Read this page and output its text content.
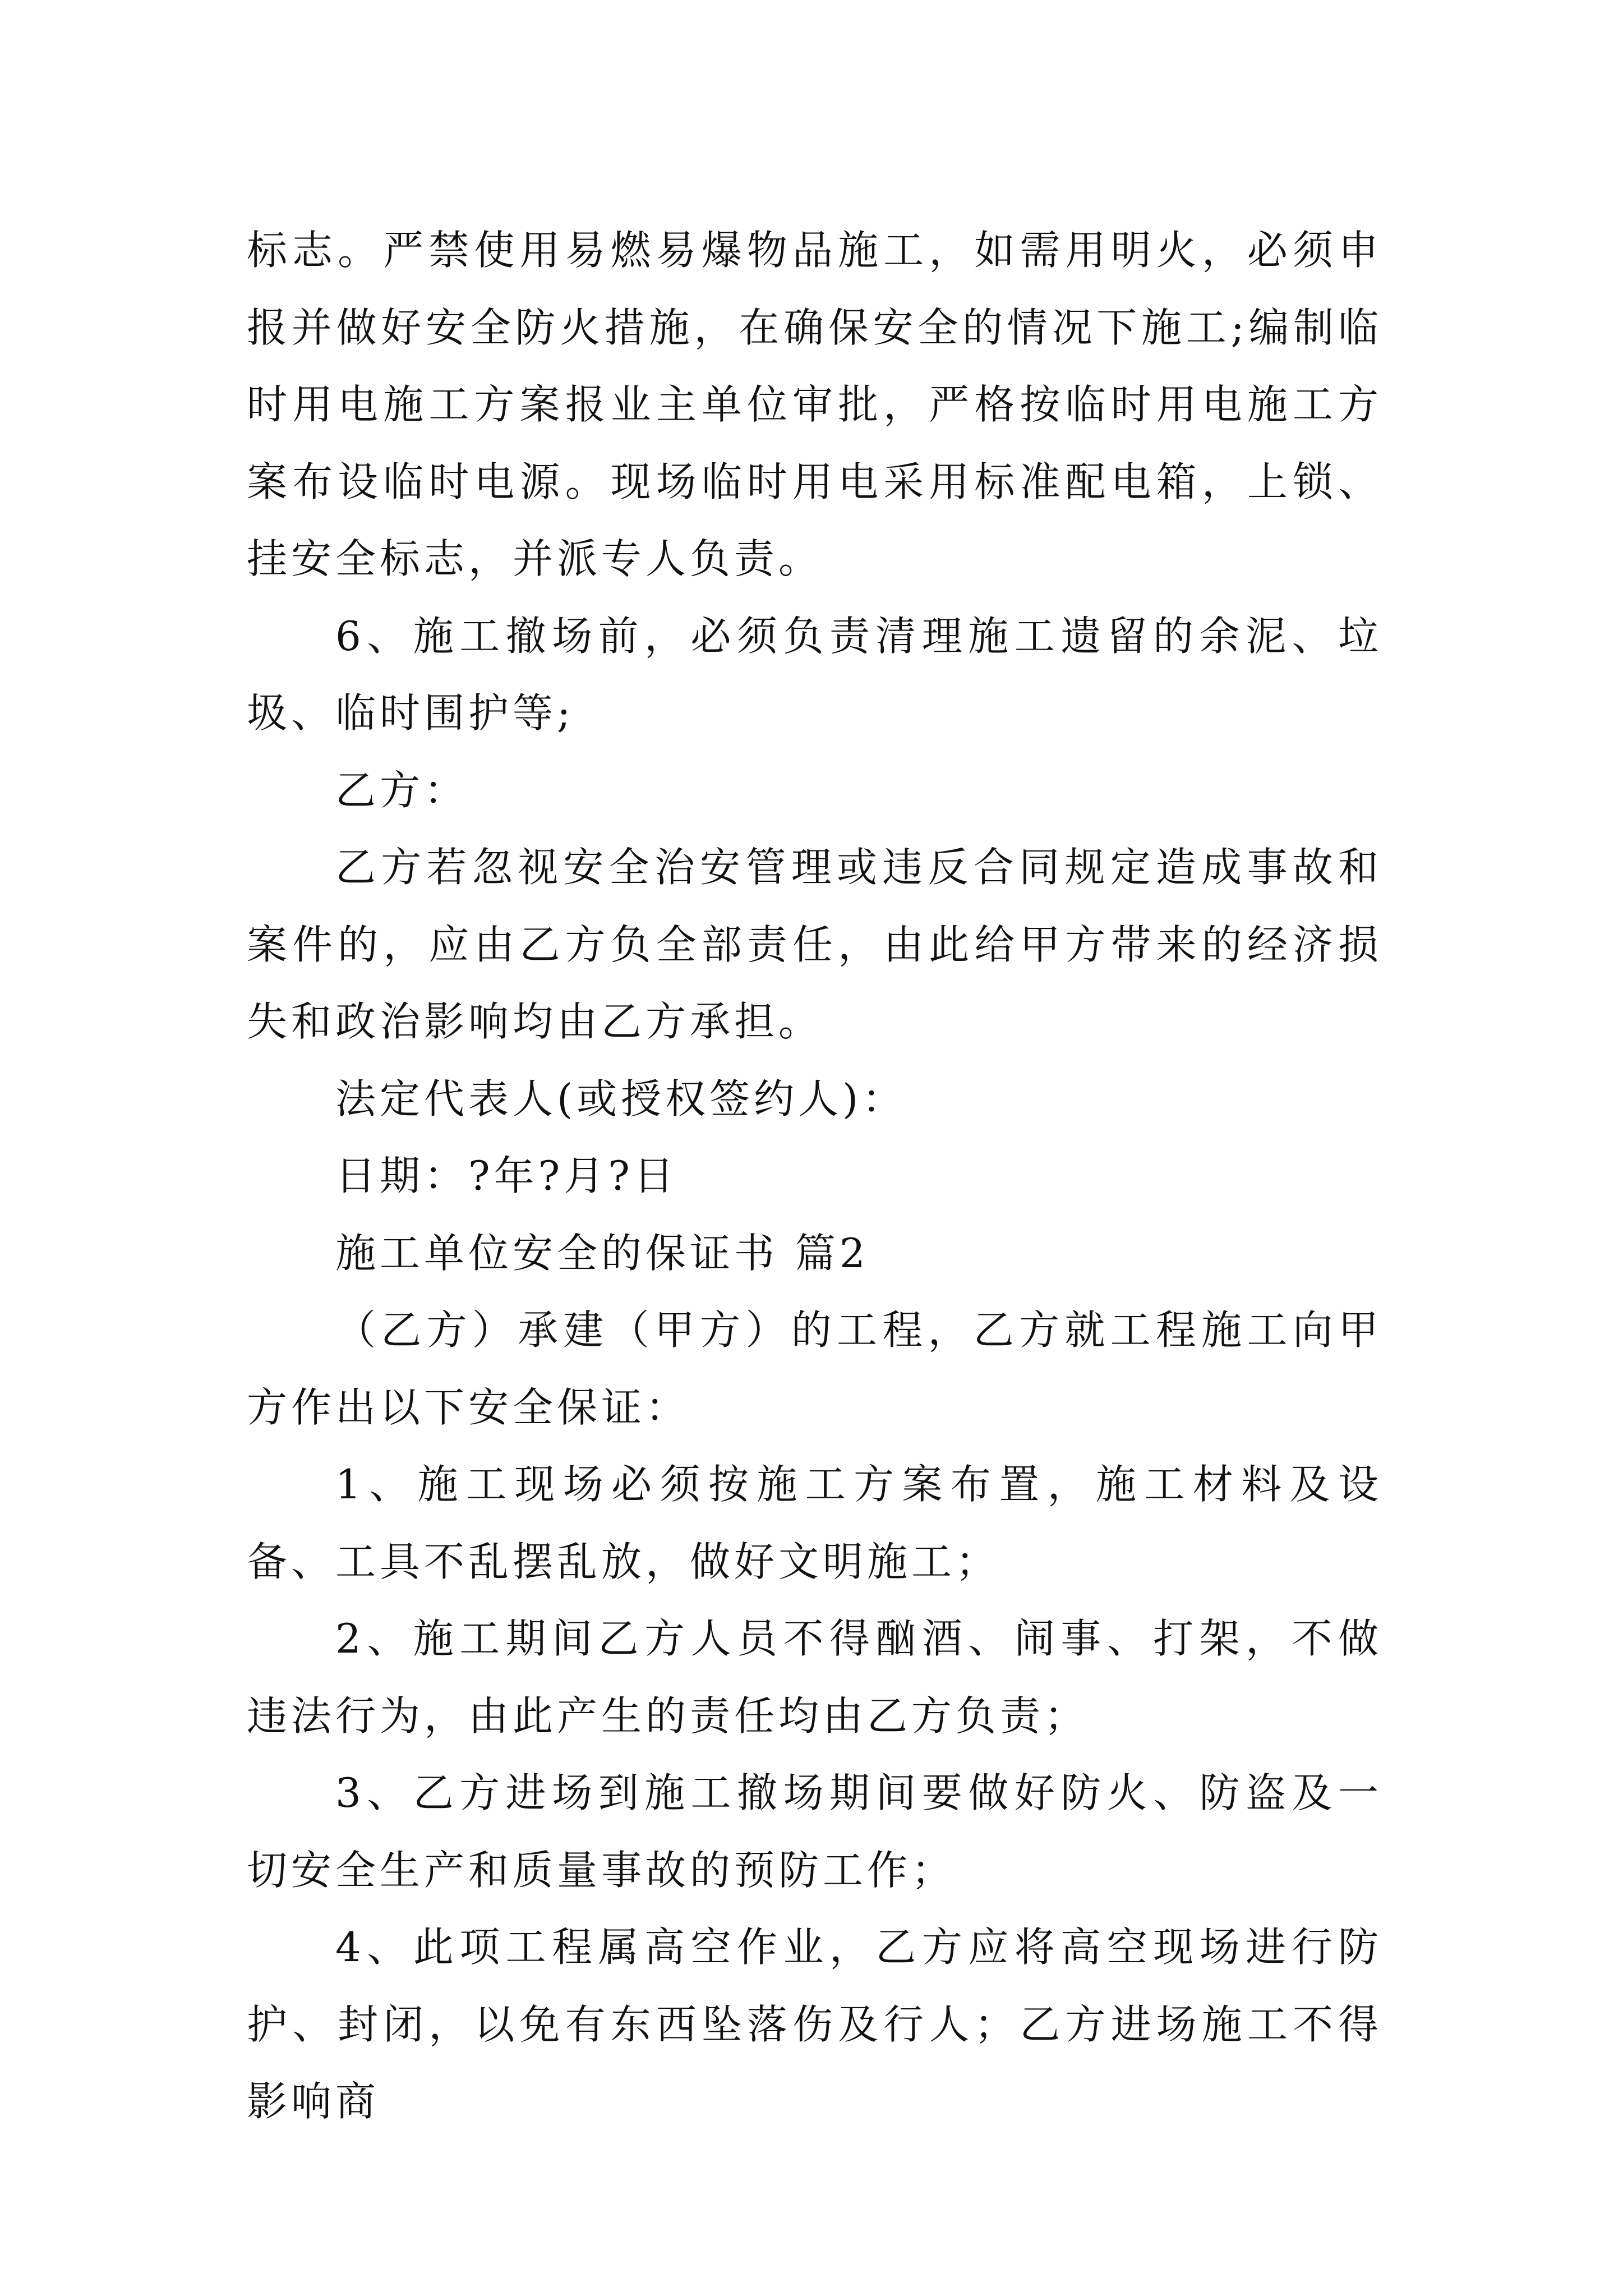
标志。严禁使用易燃易爆物品施工，如需用明火，必须申报并做好安全防火措施，在确保安全的情况下施工;编制临时用电施工方案报业主单位审批，严格按临时用电施工方案布设临时电源。现场临时用电采用标准配电箱，上锁、挂安全标志，并派专人负责。

6、施工撤场前，必须负责清理施工遗留的余泥、垃圾、临时围护等;

乙方：

乙方若忽视安全治安管理或违反合同规定造成事故和案件的，应由乙方负全部责任，由此给甲方带来的经济损失和政治影响均由乙方承担。

法定代表人(或授权签约人)：

日期：?年?月?日

施工单位安全的保证书 篇2

（乙方）承建（甲方）的工程，乙方就工程施工向甲方作出以下安全保证：

1、施工现场必须按施工方案布置，施工材料及设备、工具不乱摆乱放，做好文明施工；

2、施工期间乙方人员不得酗酒、闹事、打架，不做违法行为，由此产生的责任均由乙方负责；

3、乙方进场到施工撤场期间要做好防火、防盗及一切安全生产和质量事故的预防工作；

4、此项工程属高空作业，乙方应将高空现场进行防护、封闭，以免有东西坠落伤及行人；乙方进场施工不得影响商
